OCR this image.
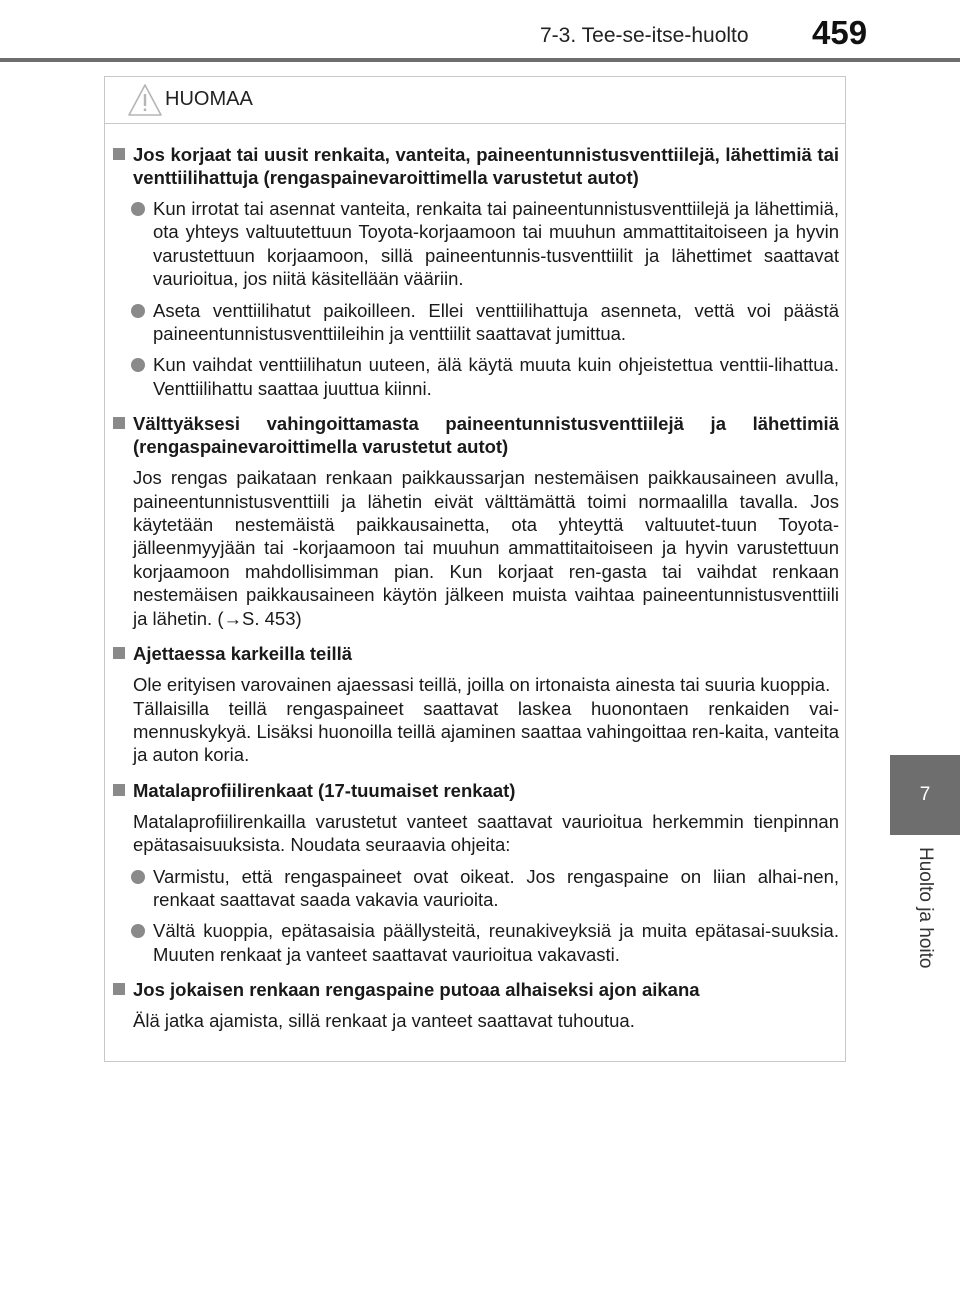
7-3. Tee-se-itse-huolto 459
7
Huolto ja hoito
HUOMAA
Jos korjaat tai uusit renkaita, vanteita, paineentunnistusventtiilejä, lähettimiä tai venttiilihattuja (rengaspainevaroittimella varustetut autot)
Kun irrotat tai asennat vanteita, renkaita tai paineentunnistusventtiilejä ja lähettimiä, ota yhteys valtuutettuun Toyota-korjaamoon tai muuhun ammattitaitoiseen ja hyvin varustettuun korjaamoon, sillä paineentunnis-tusventtiilit ja lähettimet saattavat vaurioitua, jos niitä käsitellään vääriin.
Aseta venttiilihatut paikoilleen. Ellei venttiilihattuja asenneta, vettä voi päästä paineentunnistusventtiileihin ja venttiilit saattavat jumittua.
Kun vaihdat venttiilihatun uuteen, älä käytä muuta kuin ohjeistettua venttii-lihattua. Venttiilihattu saattaa juuttua kiinni.
Välttyäksesi vahingoittamasta paineentunnistusventtiilejä ja lähettimiä (rengaspainevaroittimella varustetut autot)
Jos rengas paikataan renkaan paikkaussarjan nestemäisen paikkausaineen avulla, paineentunnistusventtiili ja lähetin eivät välttämättä toimi normaalilla tavalla. Jos käytetään nestemäistä paikkausainetta, ota yhteyttä valtuutet-tuun Toyota-jälleenmyyjään tai -korjaamoon tai muuhun ammattitaitoiseen ja hyvin varustettuun korjaamoon mahdollisimman pian. Kun korjaat ren-gasta tai vaihdat renkaan nestemäisen paikkausaineen käytön jälkeen muista vaihtaa paineentunnistusventtiili ja lähetin. (→S. 453)
Ajettaessa karkeilla teillä
Ole erityisen varovainen ajaessasi teillä, joilla on irtonaista ainesta tai suuria kuoppia.
Tällaisilla teillä rengaspaineet saattavat laskea huonontaen renkaiden vai-mennuskykyä. Lisäksi huonoilla teillä ajaminen saattaa vahingoittaa ren-kaita, vanteita ja auton koria.
Matalaprofiilirenkaat (17-tuumaiset renkaat)
Matalaprofiilirenkailla varustetut vanteet saattavat vaurioitua herkemmin tienpinnan epätasaisuuksista. Noudata seuraavia ohjeita:
Varmistu, että rengaspaineet ovat oikeat. Jos rengaspaine on liian alhai-nen, renkaat saattavat saada vakavia vaurioita.
Vältä kuoppia, epätasaisia päällysteitä, reunakiveyksiä ja muita epätasai-suuksia. Muuten renkaat ja vanteet saattavat vaurioitua vakavasti.
Jos jokaisen renkaan rengaspaine putoaa alhaiseksi ajon aikana
Älä jatka ajamista, sillä renkaat ja vanteet saattavat tuhoutua.
